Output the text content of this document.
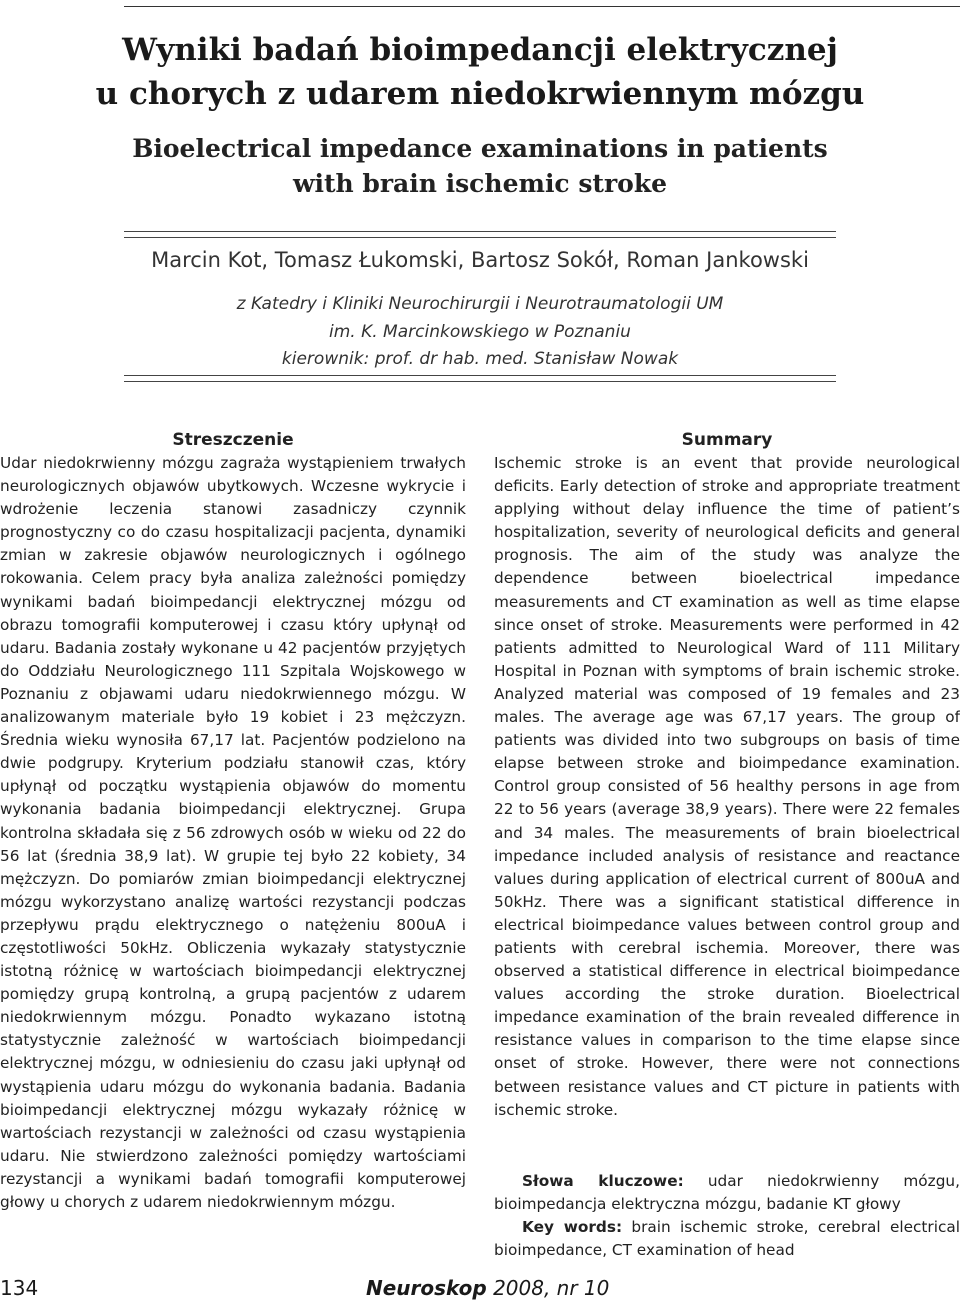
Wyniki badań bioimpedancji elektrycznej
u chorych z udarem niedokrwiennym mózgu
Bioelectrical impedance examinations in patients
with brain ischemic stroke
Marcin Kot, Tomasz Łukomski, Bartosz Sokół, Roman Jankowski
z Katedry i Kliniki Neurochirurgii i Neurotraumatologii UM
im. K. Marcinkowskiego w Poznaniu
kierownik: prof. dr hab. med. Stanisław Nowak
Streszczenie

Udar niedokrwienny mózgu zagraża wystąpieniem trwałych neurologicznych objawów ubytkowych. Wczesne wykrycie i wdrożenie leczenia stanowi zasadniczy czynnik prognostyczny co do czasu hospitalizacji pacjenta, dynamiki zmian w zakresie objawów neurologicznych i ogólnego rokowania. Celem pracy była analiza zależności pomiędzy wynikami badań bioimpedancji elektrycznej mózgu od obrazu tomografii komputerowej i czasu który upłynął od udaru. Badania zostały wykonane u 42 pacjentów przyjętych do Oddziału Neurologicznego 111 Szpitala Wojskowego w Poznaniu z objawami udaru niedokrwiennego mózgu. W analizowanym materiale było 19 kobiet i 23 mężczyzn. Średnia wieku wynosiła 67,17 lat. Pacjentów podzielono na dwie podgrupy. Kryterium podziału stanowił czas, który upłynął od początku wystąpienia objawów do momentu wykonania badania bioimpedancji elektrycznej. Grupa kontrolna składała się z 56 zdrowych osób w wieku od 22 do 56 lat (średnia 38,9 lat). W grupie tej było 22 kobiety, 34 mężczyzn. Do pomiarów zmian bioimpedancji elektrycznej mózgu wykorzystano analizę wartości rezystancji podczas przepływu prądu elektrycznego o natężeniu 800uA i częstotliwości 50kHz. Obliczenia wykazały statystycznie istotną różnicę w wartościach bioimpedancji elektrycznej pomiędzy grupą kontrolną, a grupą pacjentów z udarem niedokrwiennym mózgu. Ponadto wykazano istotną statystycznie zależność w wartościach bioimpedancji elektrycznej mózgu, w odniesieniu do czasu jaki upłynął od wystąpienia udaru mózgu do wykonania badania. Badania bioimpedancji elektrycznej mózgu wykazały różnicę w wartościach rezystancji w zależności od czasu wystąpienia udaru. Nie stwierdzono zależności pomiędzy wartościami rezystancji a wynikami badań tomografii komputerowej głowy u chorych z udarem niedokrwiennym mózgu.

Summary

Ischemic stroke is an event that provide neurological deficits. Early detection of stroke and appropriate treatment applying without delay influence the time of patient’s hospitalization, severity of neurological deficits and general prognosis. The aim of the study was analyze the dependence between bioelectrical impedance measurements and CT examination as well as time elapse since onset of stroke. Measurements were performed in 42 patients admitted to Neurological Ward of 111 Military Hospital in Poznan with symptoms of brain ischemic stroke. Analyzed material was composed of 19 females and 23 males. The average age was 67,17 years. The group of patients was divided into two subgroups on basis of time elapse between stroke and bioimpedance examination. Control group consisted of 56 healthy persons in age from 22 to 56 years (average 38,9 years). There were 22 females and 34 males. The measurements of brain bioelectrical impedance included analysis of resistance and reactance values during application of electrical current of 800uA and 50kHz. There was a significant statistical difference in electrical bioimpedance values between control group and patients with cerebral ischemia. Moreover, there was observed a statistical difference in electrical bioimpedance values according the stroke duration. Bioelectrical impedance examination of the brain revealed difference in resistance values in comparison to the time elapse since onset of stroke. However, there were not connections between resistance values and CT picture in patients with ischemic stroke.

Słowa kluczowe: udar niedokrwienny mózgu, bioimpedancja elektryczna mózgu, badanie KT głowy

Key words: brain ischemic stroke, cerebral electrical bioimpedance, CT examination of head

134	Neuroskop 2008, nr 10
